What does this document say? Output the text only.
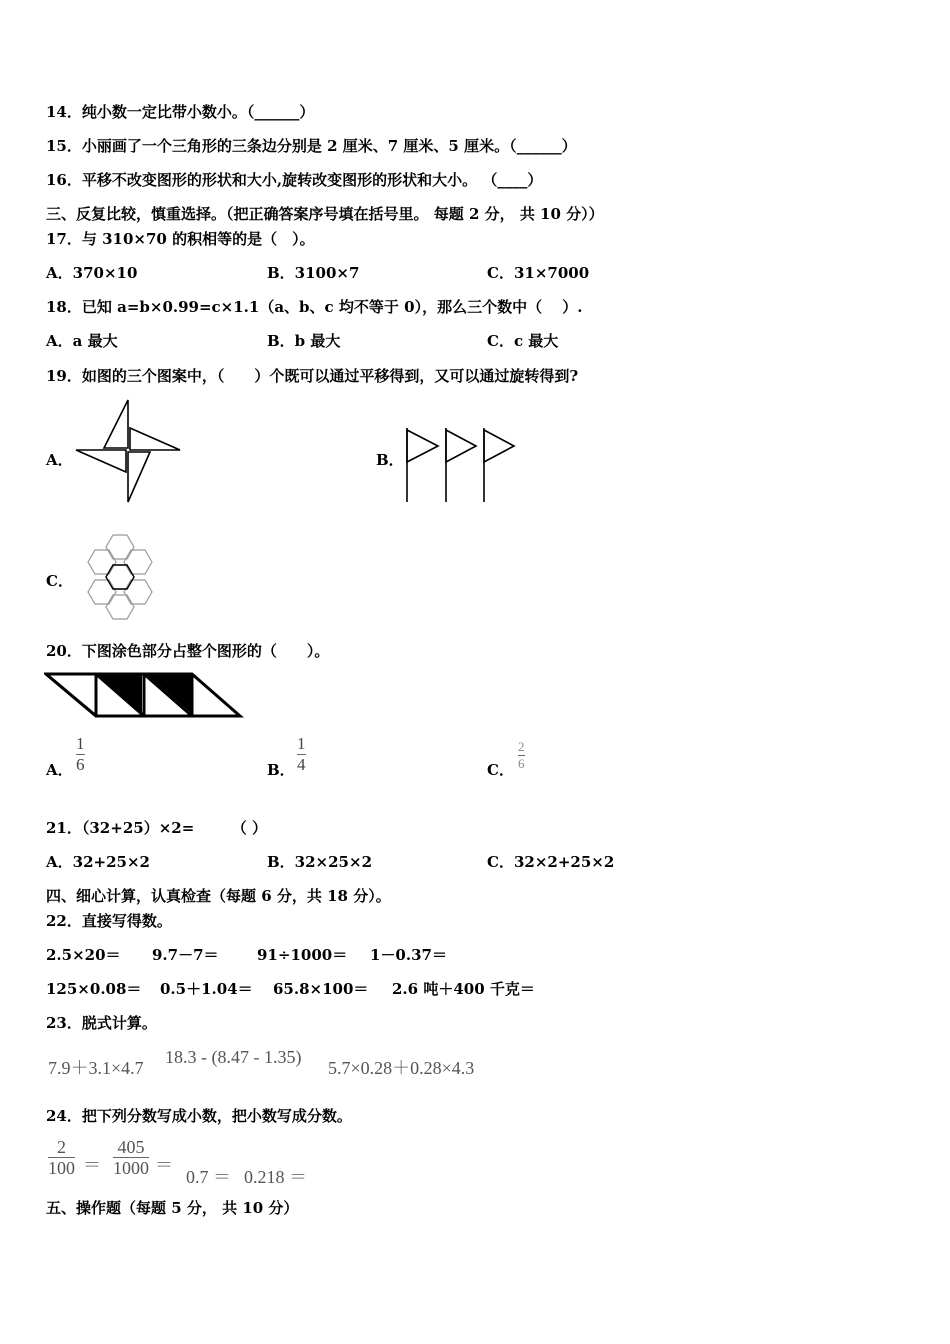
14．纯小数一定比带小数小。（______）
15．小丽画了一个三角形的三条边分别是 2 厘米、7 厘米、5 厘米。（______）
16．平移不改变图形的形状和大小,旋转改变图形的形状和大小。 （____）
三、反复比较，慎重选择。（把正确答案序号填在括号里。 每题 2 分， 共 10 分））
17．与 310×70 的积相等的是（　）。
A．370×10	B．3100×7	C．31×7000
18．已知 a=b×0.99=c×1.1（a、b、c 均不等于 0），那么三个数中（　 ）.
A．a 最大	B．b 最大	C．c 最大
19．如图的三个图案中，（　　）个既可以通过平移得到，又可以通过旋转得到?
A．	B．
C．
20．下图涂色部分占整个图形的（　　）。
A．
1
6	B．
1
4	C．
2
6
21．（32+25）×2=　　　（ ）
A．32+25×2	B．32×25×2	C．32×2+25×2
四、细心计算，认真检查（每题 6 分，共 18 分）。
22．直接写得数。
2.5×20＝ 9.7－7＝	91÷1000＝ 1－0.37＝
125×0.08＝ 0.5＋1.04＝ 65.8×100＝ 2.6 吨＋400 千克＝
23．脱式计算。
7.9＋3.1×4.7
18.3 - (8.47 - 1.35)
5.7×0.28＋0.28×4.3
24．把下列分数写成小数，把小数写成分数。
2
100 ＝
405
1000 ＝
0.7 ＝ 0.218 ＝
五、操作题（每题 5 分， 共 10 分）
